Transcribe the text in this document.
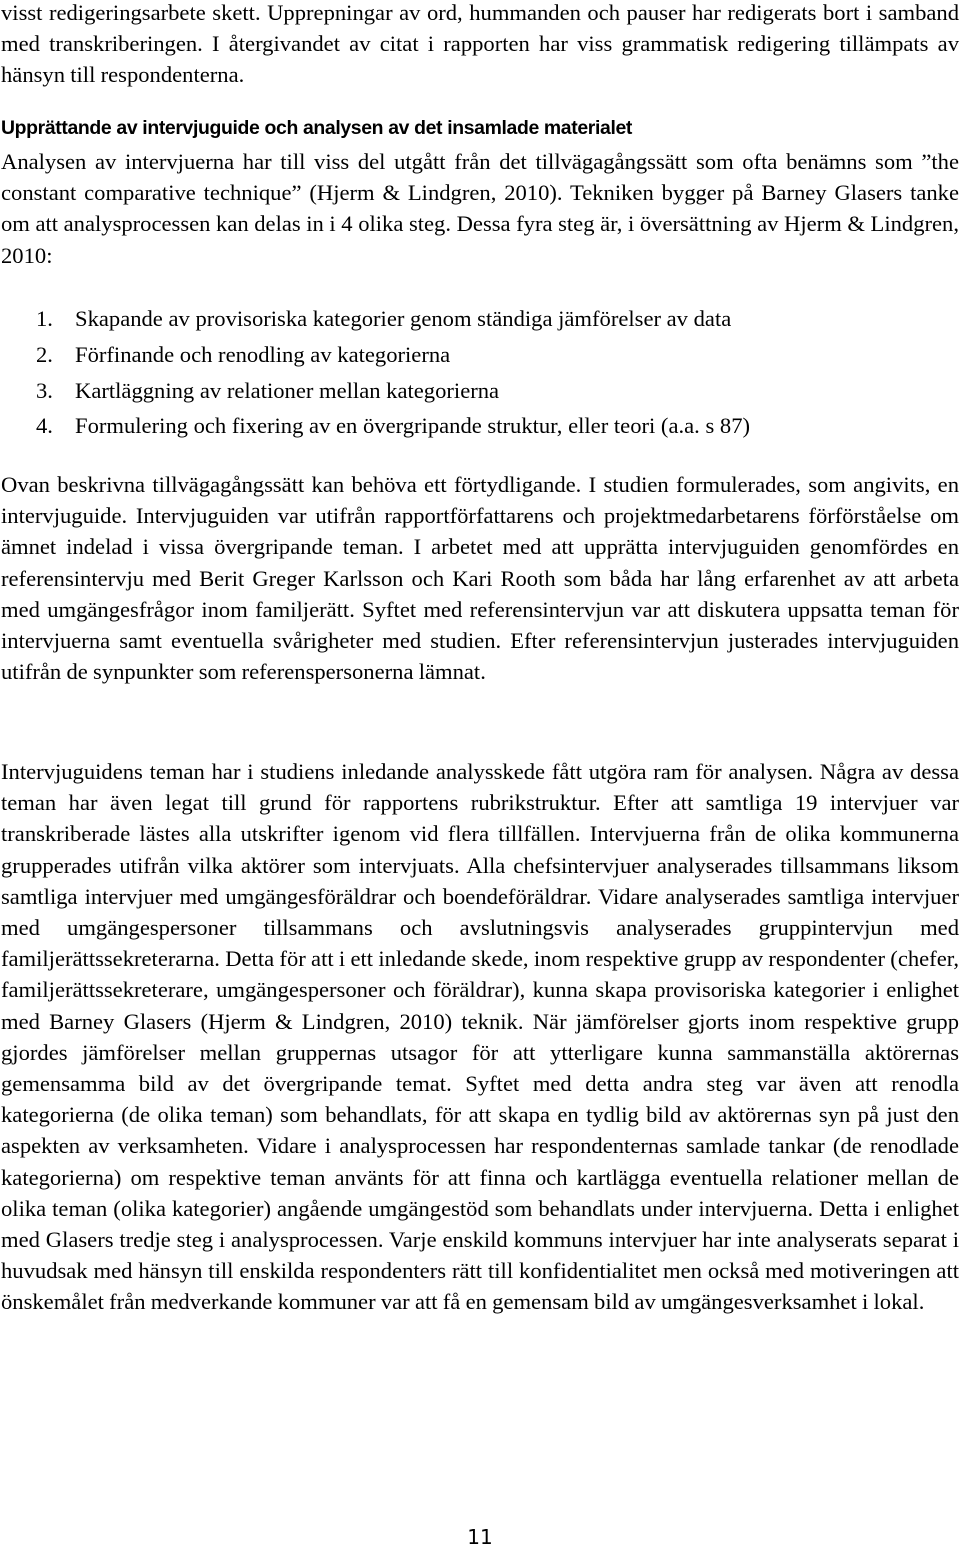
visst redigeringsarbete skett. Upprepningar av ord, hummanden och pauser har redigerats bort i samband med transkriberingen. I återgivandet av citat i rapporten har viss grammatisk redigering tillämpats av hänsyn till respondenterna.

Upprättande av intervjuguide och analysen av det insamlade materialet

Analysen av intervjuerna har till viss del utgått från det tillvägagångssätt som ofta benämns som ”the constant comparative technique” (Hjerm & Lindgren, 2010). Tekniken bygger på Barney Glasers tanke om att analysprocessen kan delas in i 4 olika steg. Dessa fyra steg är, i översättning av Hjerm & Lindgren, 2010:

1. Skapande av provisoriska kategorier genom ständiga jämförelser av data
2. Förfinande och renodling av kategorierna
3. Kartläggning av relationer mellan kategorierna
4. Formulering och fixering av en övergripande struktur, eller teori (a.a. s 87)

Ovan beskrivna tillvägagångssätt kan behöva ett förtydligande. I studien formulerades, som angivits, en intervjuguide. Intervjuguiden var utifrån rapportförfattarens och projektmedarbetarens förförståelse om ämnet indelad i vissa övergripande teman. I arbetet med att upprätta intervjuguiden genomfördes en referensintervju med Berit Greger Karlsson och Kari Rooth som båda har lång erfarenhet av att arbeta med umgängesfrågor inom familjerätt. Syftet med referensintervjun var att diskutera uppsatta teman för intervjuerna samt eventuella svårigheter med studien. Efter referensintervjun justerades intervjuguiden utifrån de synpunkter som referenspersonerna lämnat.

Intervjuguidens teman har i studiens inledande analysskede fått utgöra ram för analysen. Några av dessa teman har även legat till grund för rapportens rubrikstruktur. Efter att samtliga 19 intervjuer var transkriberade lästes alla utskrifter igenom vid flera tillfällen. Intervjuerna från de olika kommunerna grupperades utifrån vilka aktörer som intervjuats. Alla chefsintervjuer analyserades tillsammans liksom samtliga intervjuer med umgängesföräldrar och boendeföräldrar. Vidare analyserades samtliga intervjuer med umgängespersoner tillsammans och avslutningsvis analyserades gruppintervjun med familjerättssekreterarna. Detta för att i ett inledande skede, inom respektive grupp av respondenter (chefer, familjerättssekreterare, umgängespersoner och föräldrar), kunna skapa provisoriska kategorier i enlighet med Barney Glasers (Hjerm & Lindgren, 2010) teknik. När jämförelser gjorts inom respektive grupp gjordes jämförelser mellan gruppernas utsagor för att ytterligare kunna sammanställa aktörernas gemensamma bild av det övergripande temat. Syftet med detta andra steg var även att renodla kategorierna (de olika teman) som behandlats, för att skapa en tydlig bild av aktörernas syn på just den aspekten av verksamheten. Vidare i analysprocessen har respondenternas samlade tankar (de renodlade kategorierna) om respektive teman använts för att finna och kartlägga eventuella relationer mellan de olika teman (olika kategorier) angående umgängestöd som behandlats under intervjuerna. Detta i enlighet med Glasers tredje steg i analysprocessen. Varje enskild kommuns intervjuer har inte analyserats separat i huvudsak med hänsyn till enskilda respondenters rätt till konfidentialitet men också med motiveringen att önskemålet från medverkande kommuner var att få en gemensam bild av umgängesverksamhet i lokal.

11
